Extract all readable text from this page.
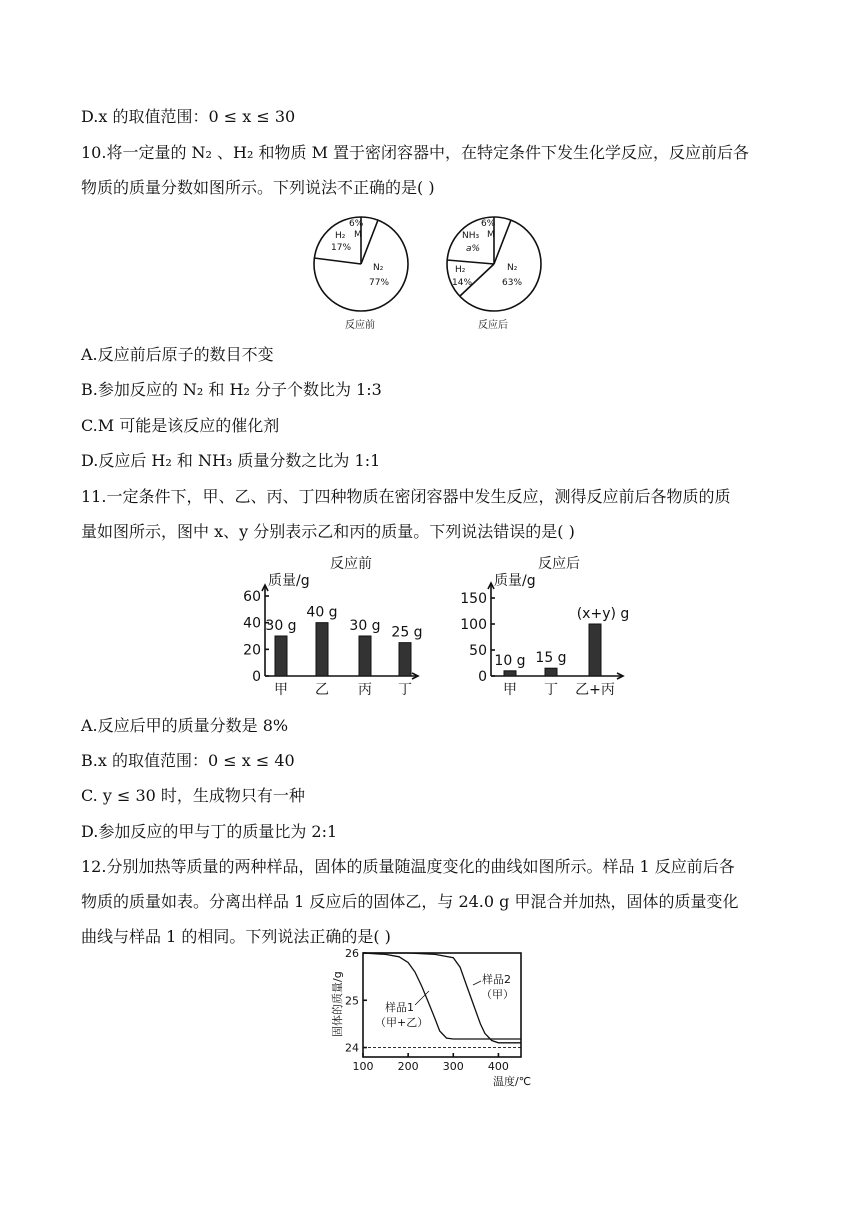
D.x 的取值范围：0 ≤ x ≤ 30
10.将一定量的 N₂ 、H₂ 和物质 M 置于密闭容器中，在特定条件下发生化学反应，反应前后各
物质的质量分数如图所示。下列说法不正确的是( )
6%
M
H₂
17%
N₂
77%
反应前
6%
M
NH₃
a%
H₂
14%
N₂
63%
反应后
A.反应前后原子的数目不变
B.参加反应的 N₂ 和 H₂ 分子个数比为 1:3
C.M 可能是该反应的催化剂
D.反应后 H₂ 和 NH₃ 质量分数之比为 1:1
11.一定条件下，甲、乙、丙、丁四种物质在密闭容器中发生反应，测得反应前后各物质的质
量如图所示，图中 x、y 分别表示乙和丙的质量。下列说法错误的是( )
反应前
质量/g
0
20
40
60
30 g
甲
40 g
乙
30 g
丙
25 g
丁
反应后
质量/g
0
50
100
150
10 g
甲
15 g
丁
(x+y) g
乙+丙
A.反应后甲的质量分数是 8%
B.x 的取值范围：0 ≤ x ≤ 40
C. y ≤ 30 时，生成物只有一种
D.参加反应的甲与丁的质量比为 2:1
12.分别加热等质量的两种样品，固体的质量随温度变化的曲线如图所示。样品 1 反应前后各
物质的质量如表。分离出样品 1 反应后的固体乙，与 24.0 g 甲混合并加热，固体的质量变化
曲线与样品 1 的相同。下列说法正确的是( )
固体的质量/g
100 200 300 400
24
25
26
温度/℃
样品1
（甲+乙）
样品2
（甲）
